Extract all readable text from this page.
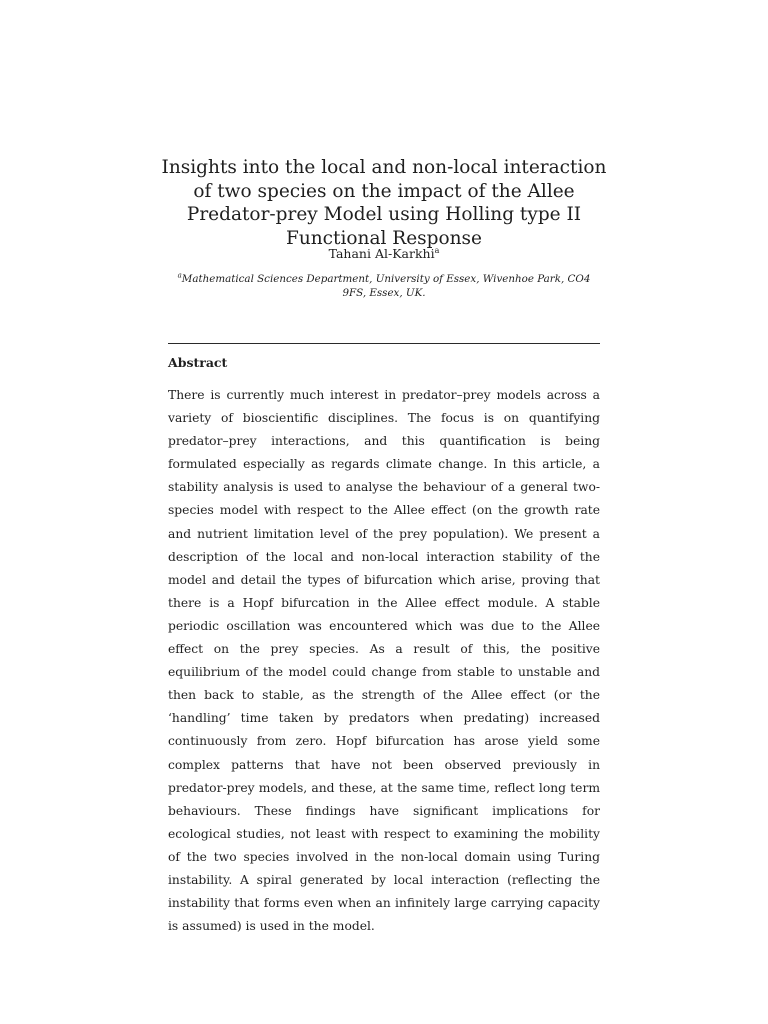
Insights into the local and non-local interaction of two species on the impact of the Allee Predator-prey Model using Holling type II Functional Response
Tahani Al-Karkhi$^a$
$^a$Mathematical Sciences Department, University of Essex, Wivenhoe Park, CO4 9FS, Essex, UK.
Abstract

There is currently much interest in predator–prey models across a variety of bioscientific disciplines. The focus is on quantifying predator–prey interactions, and this quantification is being formulated especially as regards climate change. In this article, a stability analysis is used to analyse the behaviour of a general two-species model with respect to the Allee effect (on the growth rate and nutrient limitation level of the prey population). We present a description of the local and non-local interaction stability of the model and detail the types of bifurcation which arise, proving that there is a Hopf bifurcation in the Allee effect module. A stable periodic oscillation was encountered which was due to the Allee effect on the prey species. As a result of this, the positive equilibrium of the model could change from stable to unstable and then back to stable, as the strength of the Allee effect (or the ‘handling’ time taken by predators when predating) increased continuously from zero. Hopf bifurcation has arose yield some complex patterns that have not been observed previously in predator-prey models, and these, at the same time, reflect long term behaviours. These findings have significant implications for ecological studies, not least with respect to examining the mobility of the two species involved in the non-local domain using Turing instability. A spiral generated by local interaction (reflecting the instability that forms even when an infinitely large carrying capacity is assumed) is used in the model.
